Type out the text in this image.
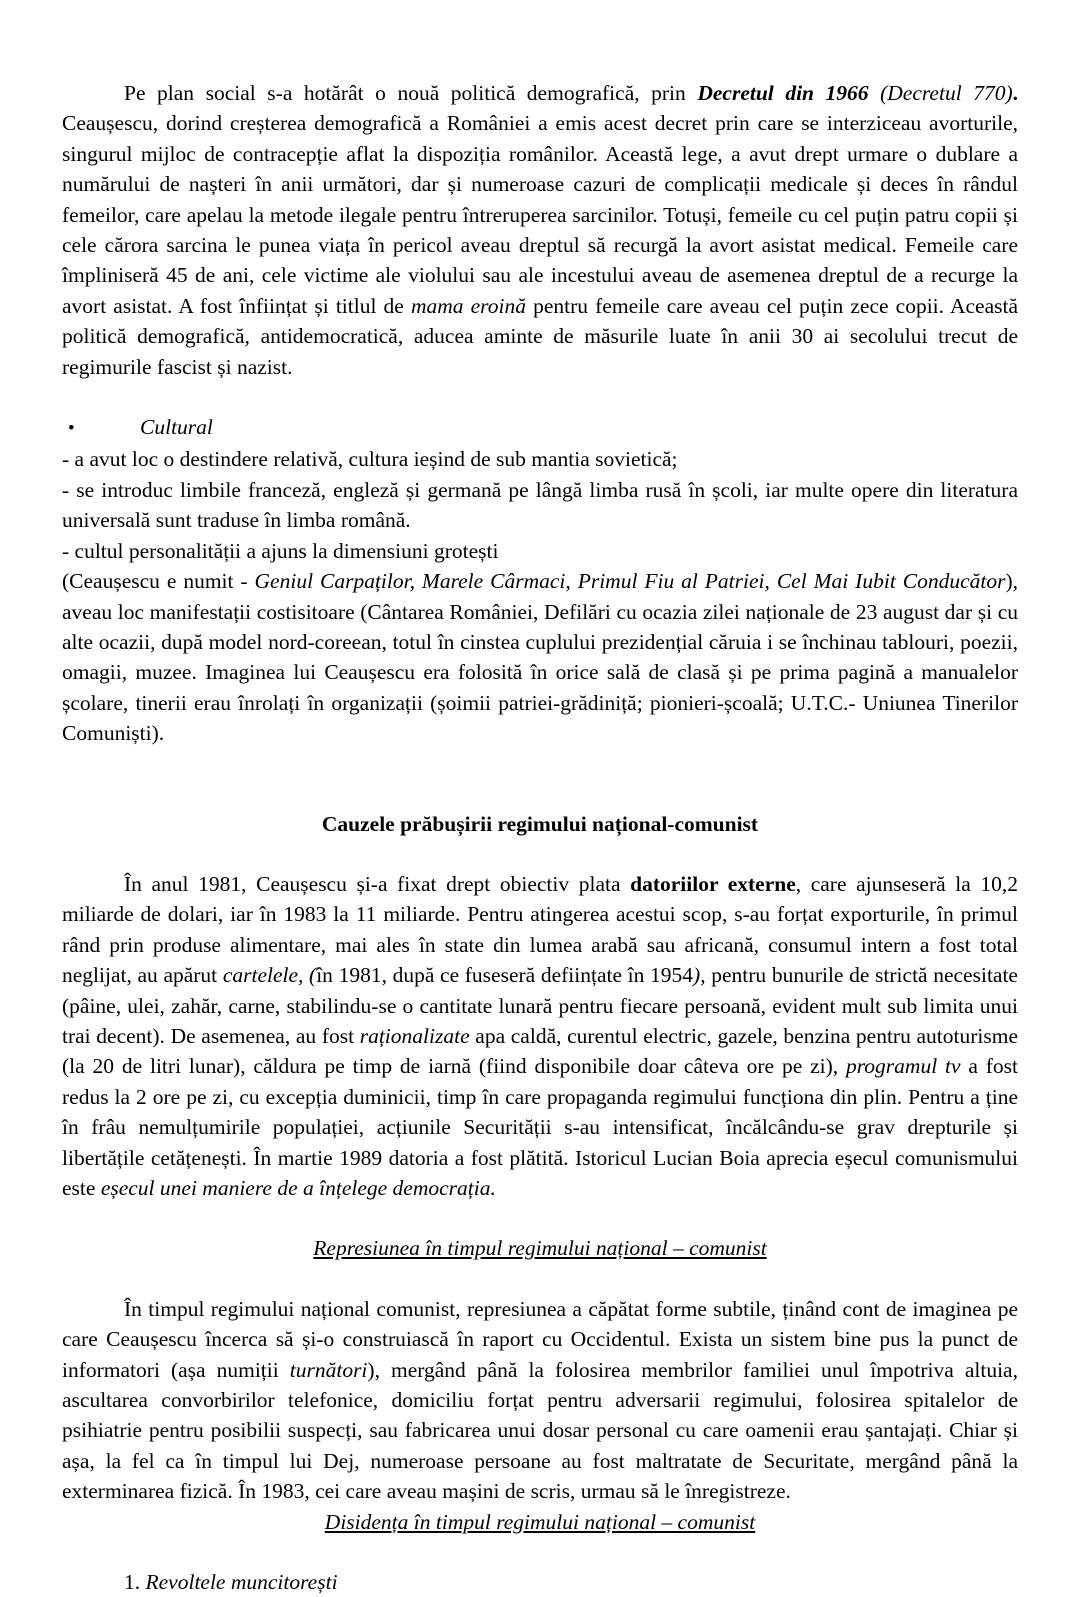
Pe plan social s-a hotărât o nouă politică demografică, prin Decretul din 1966 (Decretul 770). Ceaușescu, dorind creșterea demografică a României a emis acest decret prin care se interziceau avorturile, singurul mijloc de contracepție aflat la dispoziția românilor. Această lege, a avut drept urmare o dublare a numărului de nașteri în anii următori, dar și numeroase cazuri de complicații medicale și deces în rândul femeilor, care apelau la metode ilegale pentru întreruperea sarcinilor. Totuși, femeile cu cel puțin patru copii și cele cărora sarcina le punea viața în pericol aveau dreptul să recurgă la avort asistat medical. Femeile care împliniseră 45 de ani, cele victime ale violului sau ale incestului aveau de asemenea dreptul de a recurge la avort asistat. A fost înființat și titlul de mama eroină pentru femeile care aveau cel puțin zece copii. Această politică demografică, antidemocratică, aducea aminte de măsurile luate în anii 30 ai secolului trecut de regimurile fascist și nazist.

•Cultural
- a avut loc o destindere relativă, cultura ieșind de sub mantia sovietică;
- se introduc limbile franceză, engleză și germană pe lângă limba rusă în școli, iar multe opere din literatura universală sunt traduse în limba română.
- cultul personalității a ajuns la dimensiuni grotești

(Ceaușescu e numit - Geniul Carpaților, Marele Cârmaci, Primul Fiu al Patriei, Cel Mai Iubit Conducător), aveau loc manifestații costisitoare (Cântarea României, Defilări cu ocazia zilei naționale de 23 august dar și cu alte ocazii, după model nord-coreean, totul în cinstea cuplului prezidențial căruia i se închinau tablouri, poezii, omagii, muzee. Imaginea lui Ceaușescu era folosită în orice sală de clasă și pe prima pagină a manualelor școlare, tinerii erau înrolați în organizații (șoimii patriei-grădiniță; pionieri-școală; U.T.C.- Uniunea Tinerilor Comuniști).

Cauzele prăbușirii regimului național-comunist

În anul 1981, Ceaușescu și-a fixat drept obiectiv plata datoriilor externe, care ajunseseră la 10,2 miliarde de dolari, iar în 1983 la 11 miliarde. Pentru atingerea acestui scop, s-au forțat exporturile, în primul rând prin produse alimentare, mai ales în state din lumea arabă sau africană, consumul intern a fost total neglijat, au apărut cartelele, (în 1981, după ce fuseseră deființate în 1954), pentru bunurile de strictă necesitate (pâine, ulei, zahăr, carne, stabilindu-se o cantitate lunară pentru fiecare persoană, evident mult sub limita unui trai decent). De asemenea, au fost raționalizate apa caldă, curentul electric, gazele, benzina pentru autoturisme (la 20 de litri lunar), căldura pe timp de iarnă (fiind disponibile doar câteva ore pe zi), programul tv a fost redus la 2 ore pe zi, cu excepția duminicii, timp în care propaganda regimului funcționa din plin. Pentru a ține în frâu nemulțumirile populației, acțiunile Securității s-au intensificat, încălcându-se grav drepturile și libertățile cetățenești. În martie 1989 datoria a fost plătită. Istoricul Lucian Boia aprecia eșecul comunismului este eșecul unei maniere de a înțelege democrația.

Represiunea în timpul regimului național – comunist

În timpul regimului național comunist, represiunea a căpătat forme subtile, ținând cont de imaginea pe care Ceaușescu încerca să și-o construiască în raport cu Occidentul. Exista un sistem bine pus la punct de informatori (așa numiții turnători), mergând până la folosirea membrilor familiei unul împotriva altuia, ascultarea convorbirilor telefonice, domiciliu forțat pentru adversarii regimului, folosirea spitalelor de psihiatrie pentru posibilii suspecți, sau fabricarea unui dosar personal cu care oamenii erau șantajați. Chiar și așa, la fel ca în timpul lui Dej, numeroase persoane au fost maltratate de Securitate, mergând până la exterminarea fizică. În 1983, cei care aveau mașini de scris, urmau să le înregistreze.

Disidența în timpul regimului național – comunist
1. Revoltele muncitorești
